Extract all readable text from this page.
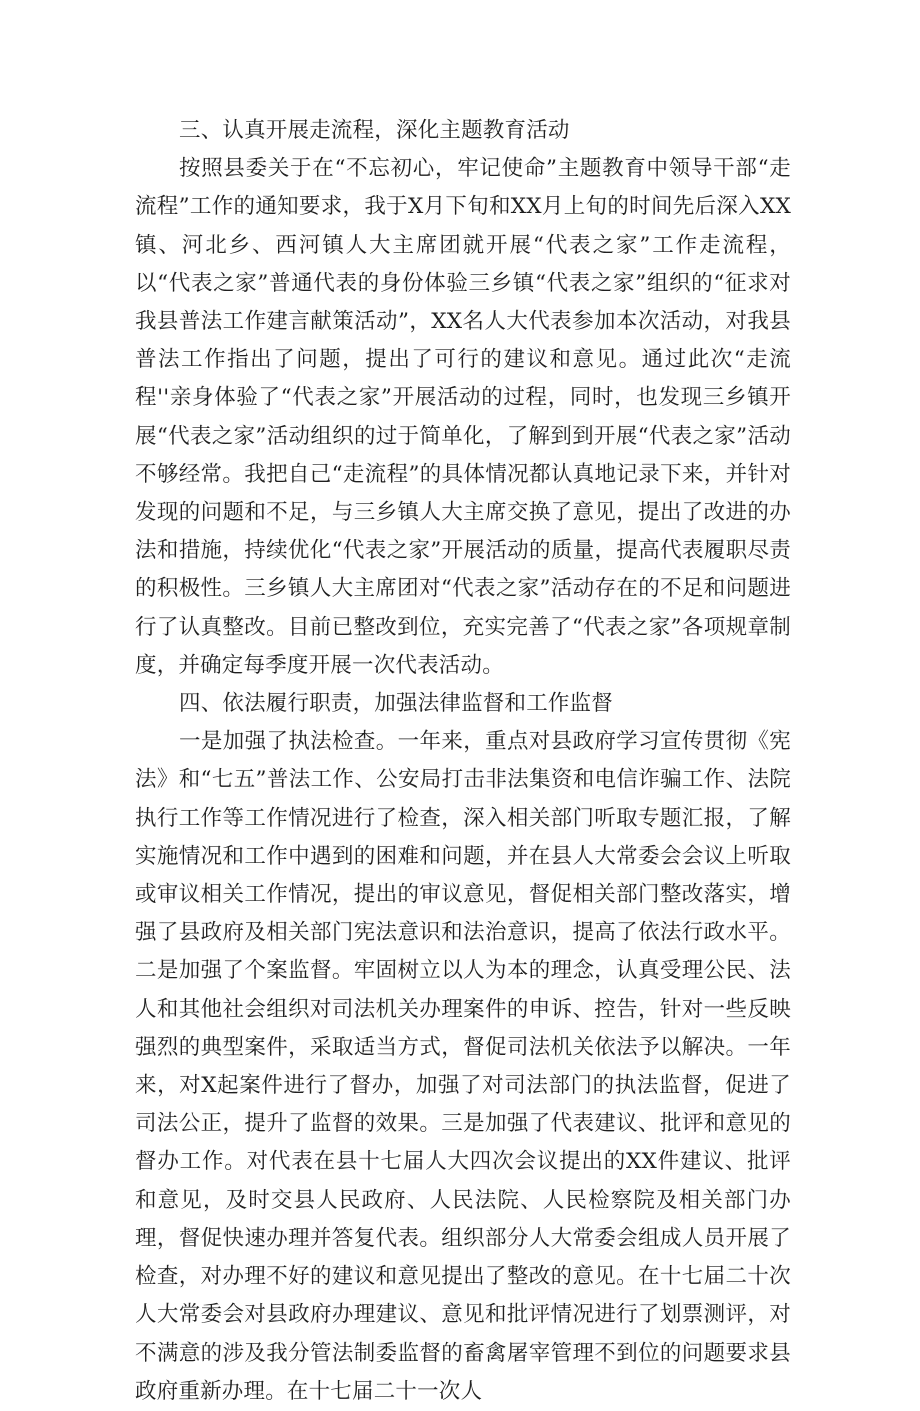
三、认真开展走流程，深化主题教育活动

按照县委关于在“不忘初心，牢记使命”主题教育中领导干部“走流程”工作的通知要求，我于X月下旬和XX月上旬的时间先后深入XX镇、河北乡、西河镇人大主席团就开展“代表之家”工作走流程，以“代表之家”普通代表的身份体验三乡镇“代表之家”组织的“征求对我县普法工作建言献策活动”，XX名人大代表参加本次活动，对我县普法工作指出了问题，提出了可行的建议和意见。通过此次“走流程''亲身体验了“代表之家”开展活动的过程，同时，也发现三乡镇开展“代表之家”活动组织的过于简单化，了解到到开展“代表之家”活动不够经常。我把自己“走流程”的具体情况都认真地记录下来，并针对发现的问题和不足，与三乡镇人大主席交换了意见，提出了改进的办法和措施，持续优化“代表之家”开展活动的质量，提高代表履职尽责的积极性。三乡镇人大主席团对“代表之家”活动存在的不足和问题进行了认真整改。目前已整改到位，充实完善了“代表之家”各项规章制度，并确定每季度开展一次代表活动。

四、依法履行职责，加强法律监督和工作监督

一是加强了执法检查。一年来，重点对县政府学习宣传贯彻《宪法》和“七五”普法工作、公安局打击非法集资和电信诈骗工作、法院执行工作等工作情况进行了检查，深入相关部门听取专题汇报，了解实施情况和工作中遇到的困难和问题，并在县人大常委会会议上听取或审议相关工作情况，提出的审议意见，督促相关部门整改落实，增强了县政府及相关部门宪法意识和法治意识，提高了依法行政水平。二是加强了个案监督。牢固树立以人为本的理念，认真受理公民、法人和其他社会组织对司法机关办理案件的申诉、控告，针对一些反映强烈的典型案件，采取适当方式，督促司法机关依法予以解决。一年来，对X起案件进行了督办，加强了对司法部门的执法监督，促进了司法公正，提升了监督的效果。三是加强了代表建议、批评和意见的督办工作。对代表在县十七届人大四次会议提出的XX件建议、批评和意见，及时交县人民政府、人民法院、人民检察院及相关部门办理，督促快速办理并答复代表。组织部分人大常委会组成人员开展了检查，对办理不好的建议和意见提出了整改的意见。在十七届二十次人大常委会对县政府办理建议、意见和批评情况进行了划票测评，对不满意的涉及我分管法制委监督的畜禽屠宰管理不到位的问题要求县政府重新办理。在十七届二十一次人
